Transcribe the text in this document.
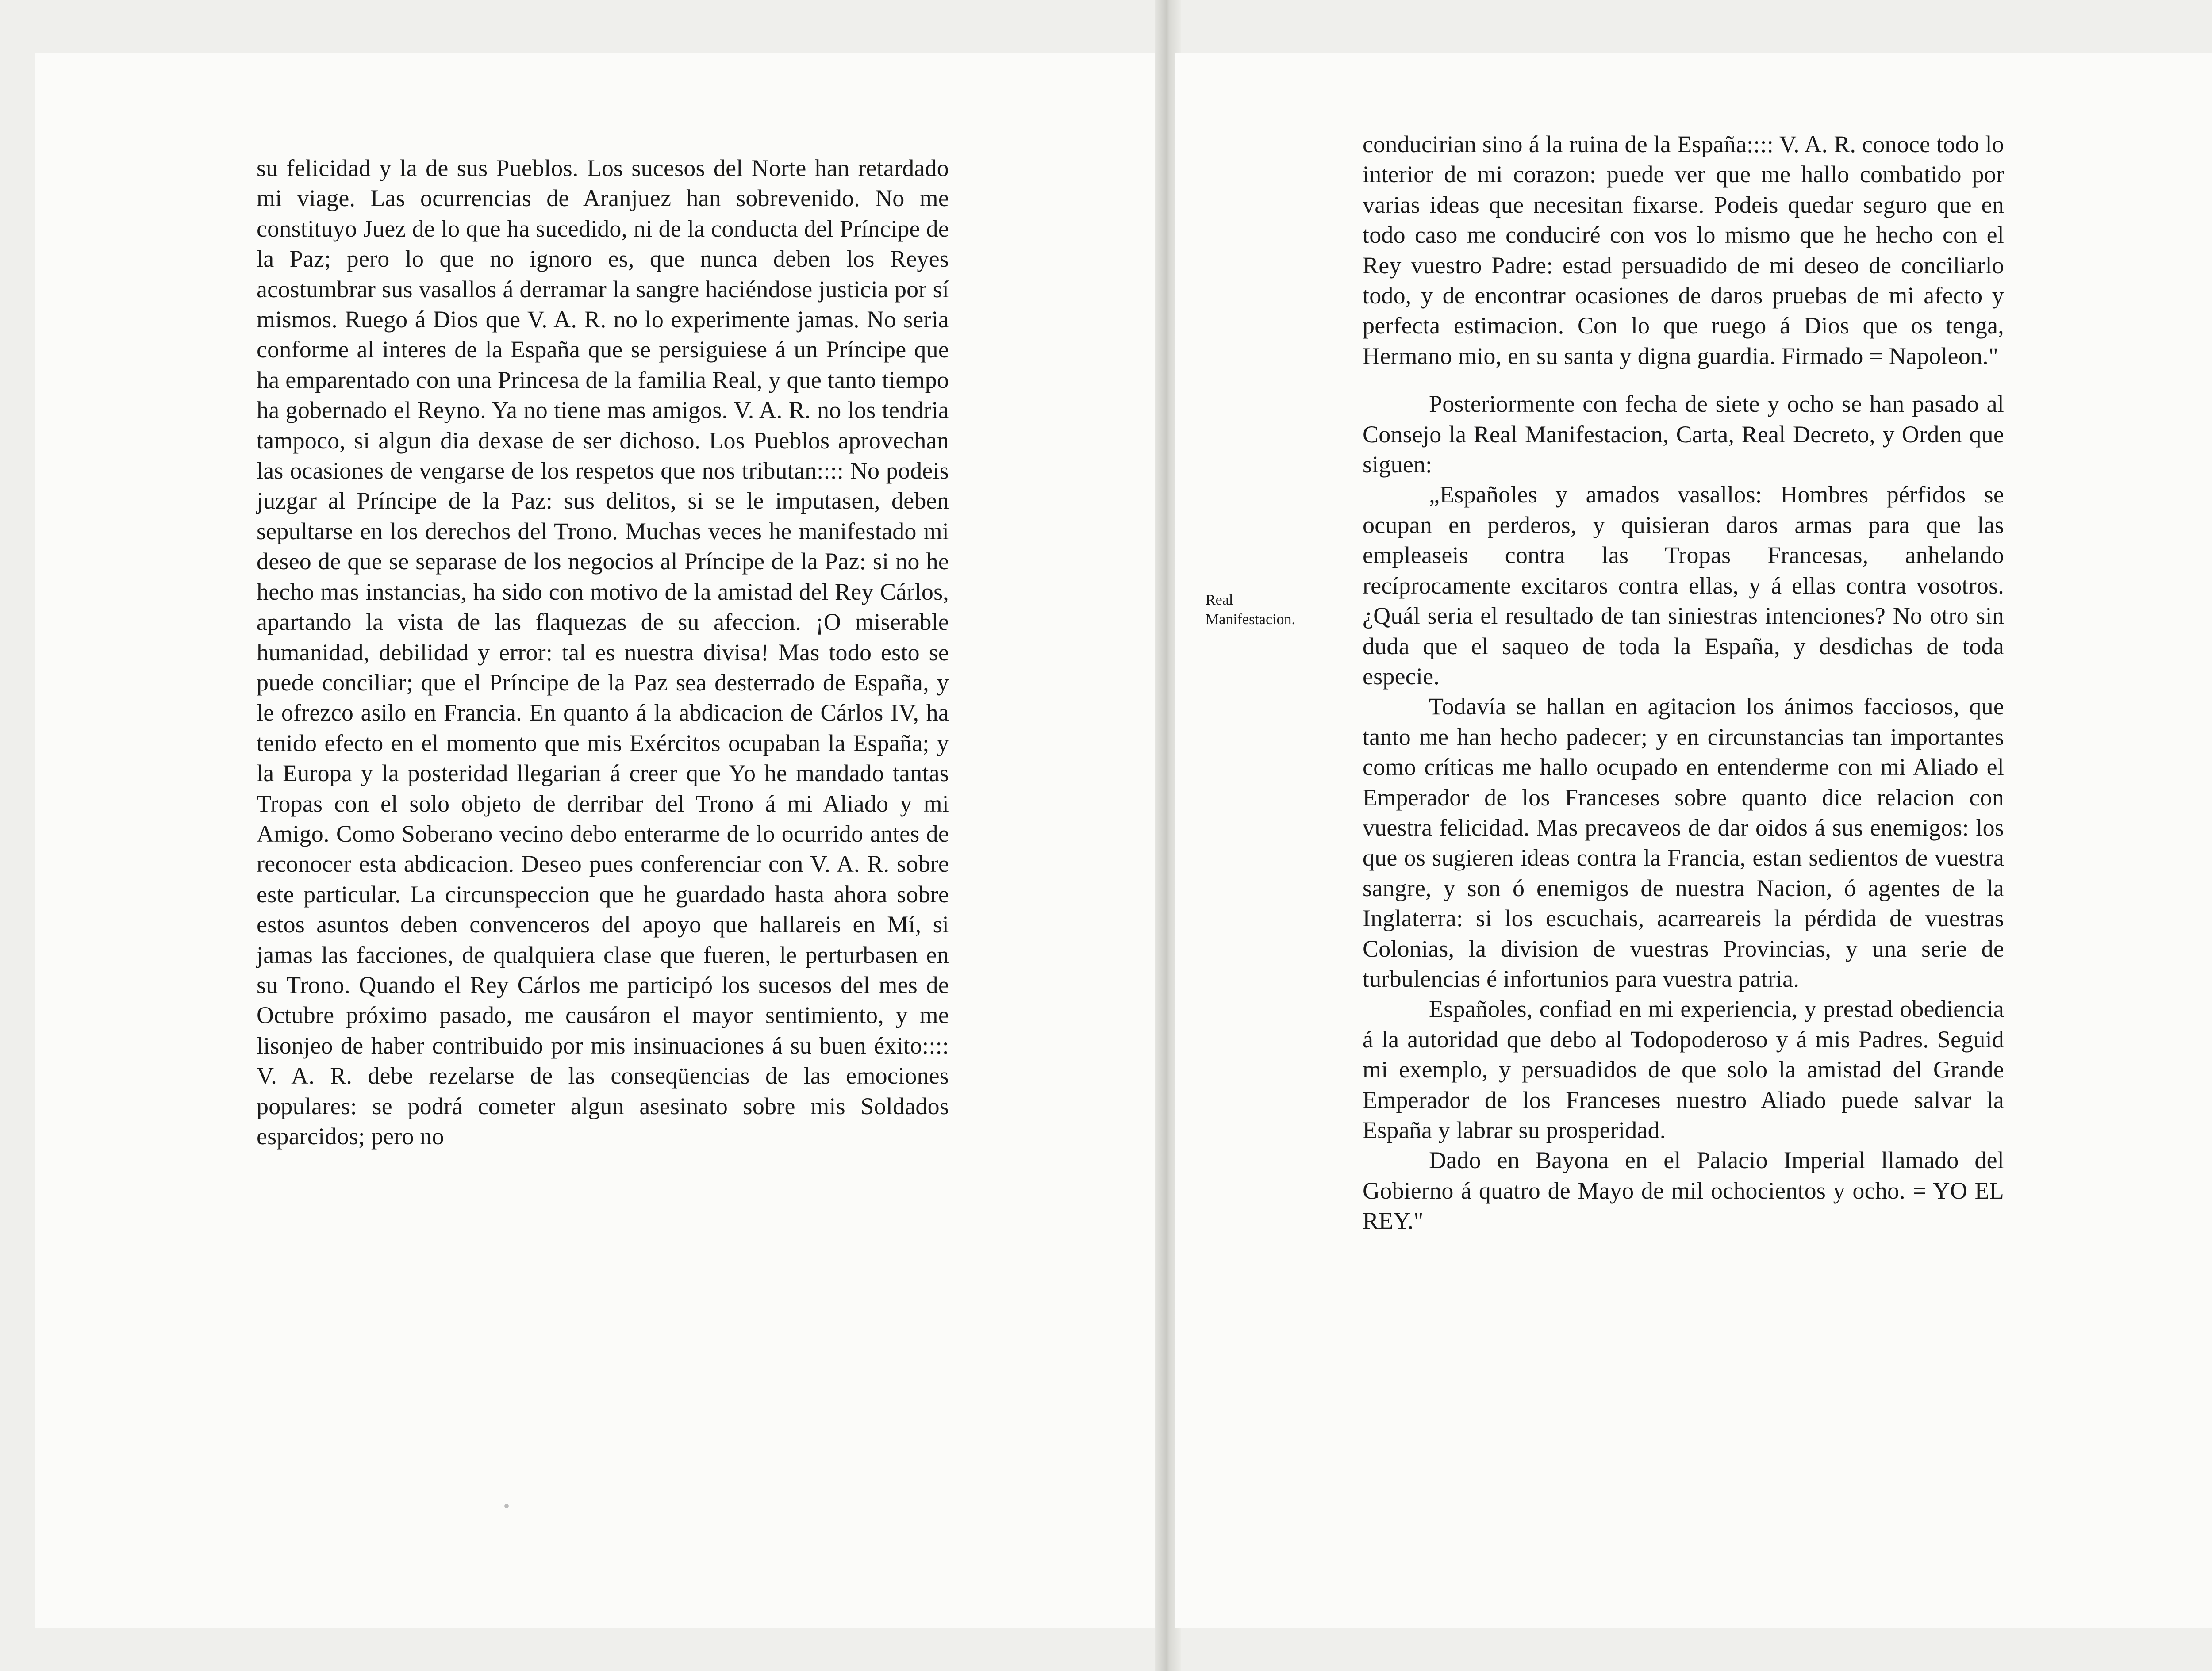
su felicidad y la de sus Pueblos. Los sucesos del Norte han retardado mi viage. Las ocurrencias de Aranjuez han sobrevenido. No me constituyo Juez de lo que ha sucedido, ni de la conducta del Príncipe de la Paz; pero lo que no ignoro es, que nunca deben los Reyes acostumbrar sus vasallos á derramar la sangre haciéndose justicia por sí mismos. Ruego á Dios que V. A. R. no lo experimente jamas. No seria conforme al interes de la España que se persiguiese á un Príncipe que ha emparentado con una Princesa de la familia Real, y que tanto tiempo ha gobernado el Reyno. Ya no tiene mas amigos. V. A. R. no los tendria tampoco, si algun dia dexase de ser dichoso. Los Pueblos aprovechan las ocasiones de vengarse de los respetos que nos tributan:::: No podeis juzgar al Príncipe de la Paz: sus delitos, si se le imputasen, deben sepultarse en los derechos del Trono. Muchas veces he manifestado mi deseo de que se separase de los negocios al Príncipe de la Paz: si no he hecho mas instancias, ha sido con motivo de la amistad del Rey Cárlos, apartando la vista de las flaquezas de su afeccion. ¡O miserable humanidad, debilidad y error: tal es nuestra divisa! Mas todo esto se puede conciliar; que el Príncipe de la Paz sea desterrado de España, y le ofrezco asilo en Francia. En quanto á la abdicacion de Cárlos IV, ha tenido efecto en el momento que mis Exércitos ocupaban la España; y la Europa y la posteridad llegarian á creer que Yo he mandado tantas Tropas con el solo objeto de derribar del Trono á mi Aliado y mi Amigo. Como Soberano vecino debo enterarme de lo ocurrido antes de reconocer esta abdicacion. Deseo pues conferenciar con V. A. R. sobre este particular. La circunspeccion que he guardado hasta ahora sobre estos asuntos deben convenceros del apoyo que hallareis en Mí, si jamas las facciones, de qualquiera clase que fueren, le perturbasen en su Trono. Quando el Rey Cárlos me participó los sucesos del mes de Octubre próximo pasado, me causáron el mayor sentimiento, y me lisonjeo de haber contribuido por mis insinuaciones á su buen éxito:::: V. A. R. debe rezelarse de las conseqüencias de las emociones populares: se podrá cometer algun asesinato sobre mis Soldados esparcidos; pero no

Real Manifestacion.

conducirian sino á la ruina de la España:::: V. A. R. conoce todo lo interior de mi corazon: puede ver que me hallo combatido por varias ideas que necesitan fixarse. Podeis quedar seguro que en todo caso me conduciré con vos lo mismo que he hecho con el Rey vuestro Padre: estad persuadido de mi deseo de conciliarlo todo, y de encontrar ocasiones de daros pruebas de mi afecto y perfecta estimacion. Con lo que ruego á Dios que os tenga, Hermano mio, en su santa y digna guardia. Firmado = Napoleon."

Posteriormente con fecha de siete y ocho se han pasado al Consejo la Real Manifestacion, Carta, Real Decreto, y Orden que siguen:

„Españoles y amados vasallos: Hombres pérfidos se ocupan en perderos, y quisieran daros armas para que las empleaseis contra las Tropas Francesas, anhelando recíprocamente excitaros contra ellas, y á ellas contra vosotros. ¿Quál seria el resultado de tan siniestras intenciones? No otro sin duda que el saqueo de toda la España, y desdichas de toda especie.

Todavía se hallan en agitacion los ánimos facciosos, que tanto me han hecho padecer; y en circunstancias tan importantes como críticas me hallo ocupado en entenderme con mi Aliado el Emperador de los Franceses sobre quanto dice relacion con vuestra felicidad. Mas precaveos de dar oidos á sus enemigos: los que os sugieren ideas contra la Francia, estan sedientos de vuestra sangre, y son ó enemigos de nuestra Nacion, ó agentes de la Inglaterra: si los escuchais, acarreareis la pérdida de vuestras Colonias, la division de vuestras Provincias, y una serie de turbulencias é infortunios para vuestra patria.

Españoles, confiad en mi experiencia, y prestad obediencia á la autoridad que debo al Todopoderoso y á mis Padres. Seguid mi exemplo, y persuadidos de que solo la amistad del Grande Emperador de los Franceses nuestro Aliado puede salvar la España y labrar su prosperidad.

Dado en Bayona en el Palacio Imperial llamado del Gobierno á quatro de Mayo de mil ochocientos y ocho. = YO EL REY."
